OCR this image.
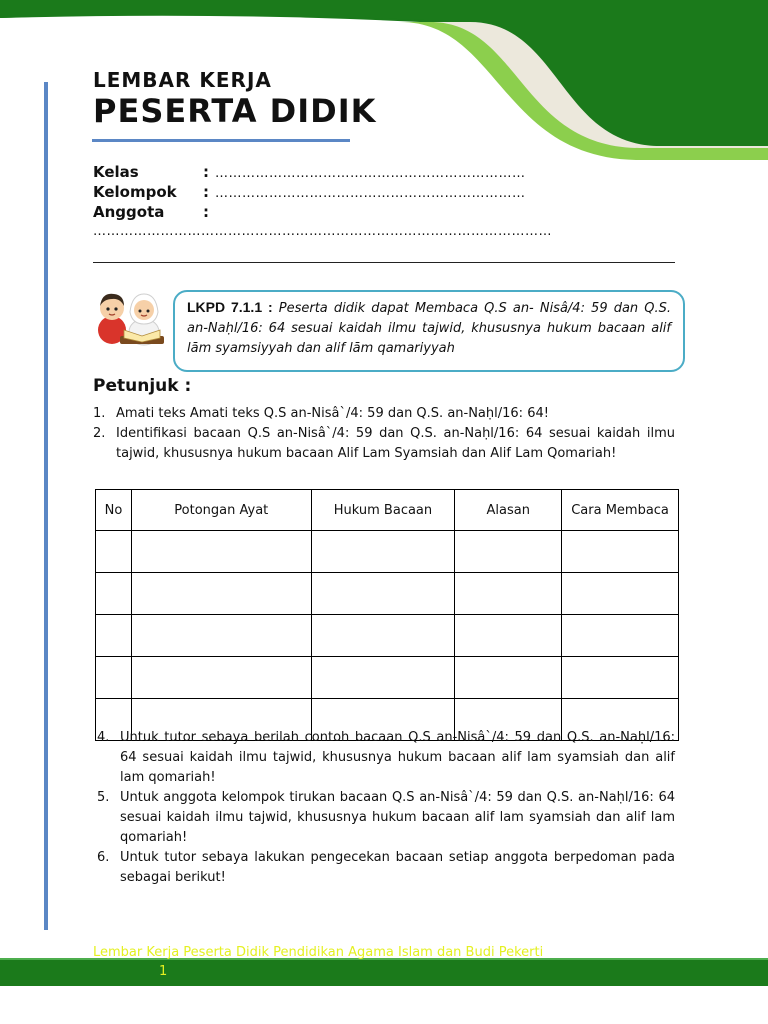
LEMBAR KERJA
PESERTA DIDIK
Kelas	: ……………………………………………………………
Kelompok : ……………………………………………………………
Anggota	:
…………………………………………………………………………………………
LKPD 7.1.1 : Peserta didik dapat Membaca Q.S an- Nisâ/4: 59 dan Q.S. an-Naḥl/16: 64 sesuai kaidah ilmu tajwid, khususnya hukum bacaan alif lām syamsiyyah dan alif lām qamariyyah
Petunjuk :
1. Amati teks Amati teks Q.S an-Nisâ`/4: 59 dan Q.S. an-Naḥl/16: 64!
2. Identifikasi bacaan Q.S an-Nisâ`/4: 59 dan Q.S. an-Naḥl/16: 64 sesuai kaidah ilmu tajwid, khususnya hukum bacaan Alif Lam Syamsiah dan Alif Lam Qomariah!
No	Potongan Ayat	Hukum Bacaan	Alasan	Cara Membaca

4. Untuk tutor sebaya berilah contoh bacaan Q.S an-Nisâ`/4: 59 dan Q.S. an-Naḥl/16: 64 sesuai kaidah ilmu tajwid, khususnya hukum bacaan alif lam syamsiah dan alif lam qomariah!
5. Untuk anggota kelompok tirukan bacaan Q.S an-Nisâ`/4: 59 dan Q.S. an-Naḥl/16: 64 sesuai kaidah ilmu tajwid, khususnya hukum bacaan alif lam syamsiah dan alif lam qomariah!
6. Untuk tutor sebaya lakukan pengecekan bacaan setiap anggota berpedoman pada sebagai berikut!
Lembar Kerja Peserta Didik Pendidikan Agama Islam dan Budi Pekerti
1
